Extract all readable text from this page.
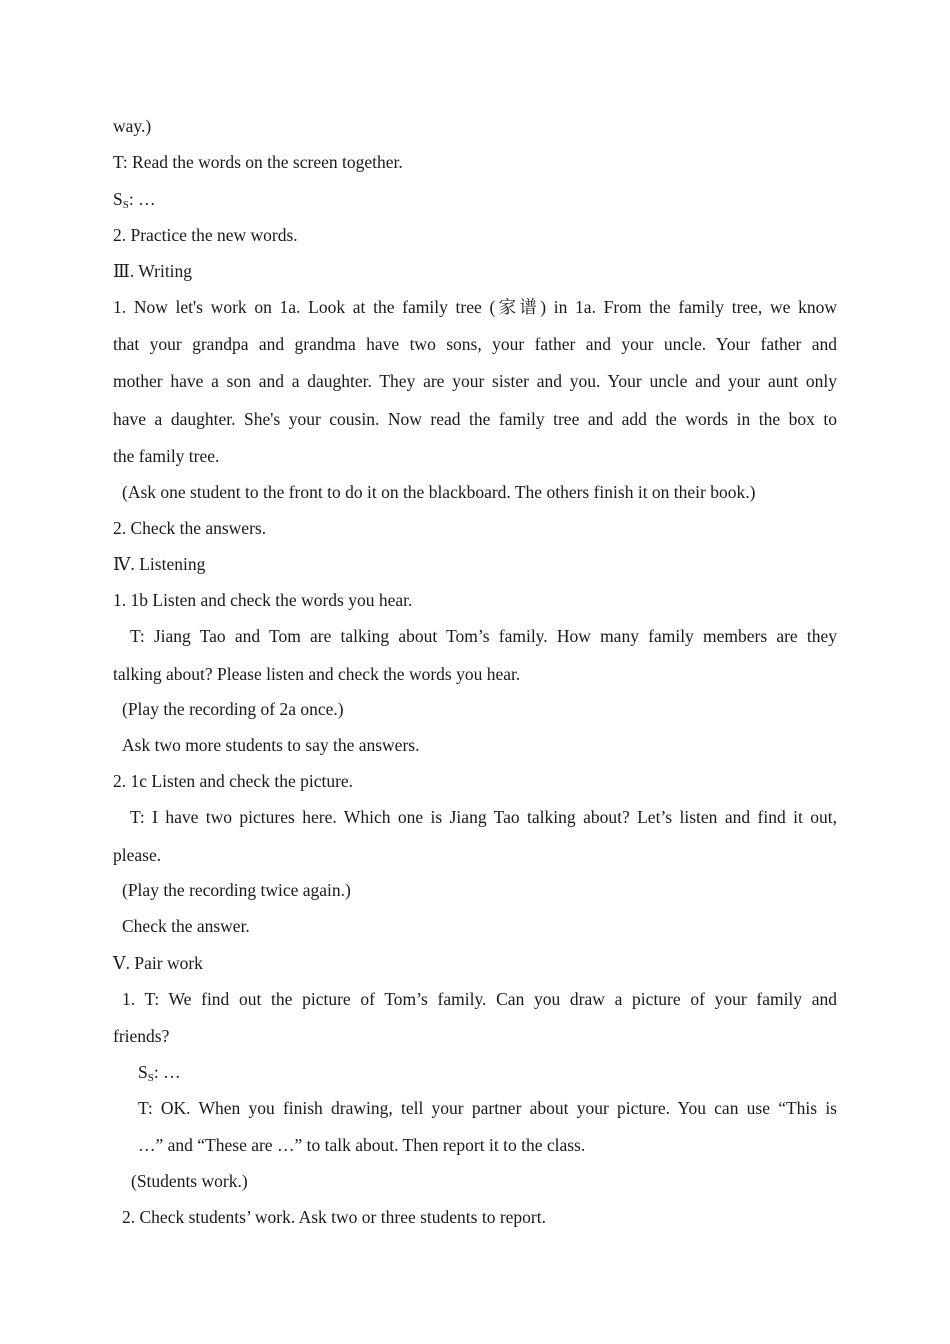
way.)
T: Read the words on the screen together.
$S_S$: …
2. Practice the new words.
Ⅲ. Writing
1. Now let's work on 1a. Look at the family tree (家谱) in 1a. From the family tree, we know
that your grandpa and grandma have two sons, your father and your uncle. Your father and
mother have a son and a daughter. They are your sister and you. Your uncle and your aunt only
have a daughter. She's your cousin. Now read the family tree and add the words in the box to
the family tree.
(Ask one student to the front to do it on the blackboard. The others finish it on their book.)
2. Check the answers.
Ⅳ. Listening
1. 1b Listen and check the words you hear.
T: Jiang Tao and Tom are talking about Tom’s family. How many family members are they
talking about? Please listen and check the words you hear.
(Play the recording of 2a once.)
Ask two more students to say the answers.
2. 1c Listen and check the picture.
T: I have two pictures here. Which one is Jiang Tao talking about? Let’s listen and find it out,
please.
(Play the recording twice again.)
Check the answer.
Ⅴ. Pair work
1. T: We find out the picture of Tom’s family. Can you draw a picture of your family and
friends?
$S_S$: …
T: OK. When you finish drawing, tell your partner about your picture. You can use “This is
…” and “These are …” to talk about. Then report it to the class.
(Students work.)
2. Check students’ work. Ask two or three students to report.
